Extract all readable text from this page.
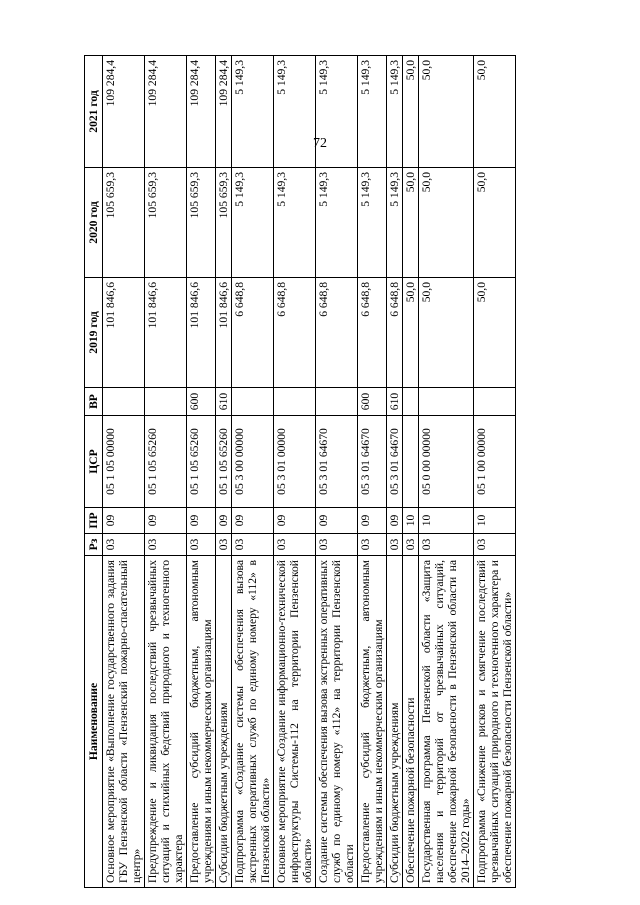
72
Наименование	Рз	ПР	ЦСР	ВР	2019 год	2020 год	2021 год
Основное мероприятие «Выполнение государственного задания ГБУ Пензенской области «Пензенский пожарно-спасательный центр»	03	09	05 1 05 00000		101 846,6	105 659,3	109 284,4
Предупреждение и ликвидация последствий чрезвычайных ситуаций и стихийных бедствий природного и техногенного характера	03	09	05 1 05 65260		101 846,6	105 659,3	109 284,4
Предоставление субсидий бюджетным, автономным учреждениям и иным некоммерческим организациям	03	09	05 1 05 65260	600	101 846,6	105 659,3	109 284,4
Субсидии бюджетным учреждениям	03	09	05 1 05 65260	610	101 846,6	105 659,3	109 284,4
Подпрограмма «Создание системы обеспечения вызова экстренных оперативных служб по единому номеру «112» в Пензенской области»	03	09	05 3 00 00000		6 648,8	5 149,3	5 149,3
Основное мероприятие «Создание информационно-технической инфраструктуры Системы-112 на территории Пензенской области»	03	09	05 3 01 00000		6 648,8	5 149,3	5 149,3
Создание системы обеспечения вызова экстренных оперативных служб по единому номеру «112» на территории Пензенской области	03	09	05 3 01 64670		6 648,8	5 149,3	5 149,3
Предоставление субсидий бюджетным, автономным учреждениям и иным некоммерческим организациям	03	09	05 3 01 64670	600	6 648,8	5 149,3	5 149,3
Субсидии бюджетным учреждениям	03	09	05 3 01 64670	610	6 648,8	5 149,3	5 149,3
Обеспечение пожарной безопасности	03	10			50,0	50,0	50,0
Государственная программа Пензенской области «Защита населения и территорий от чрезвычайных ситуаций, обеспечение пожарной безопасности в Пензенской области на 2014–2022 годы»	03	10	05 0 00 00000		50,0	50,0	50,0
Подпрограмма «Снижение рисков и смягчение последствий чрезвычайных ситуаций природного и техногенного характера и обеспечение пожарной безопасности Пензенской области»	03	10	05 1 00 00000		50,0	50,0	50,0
